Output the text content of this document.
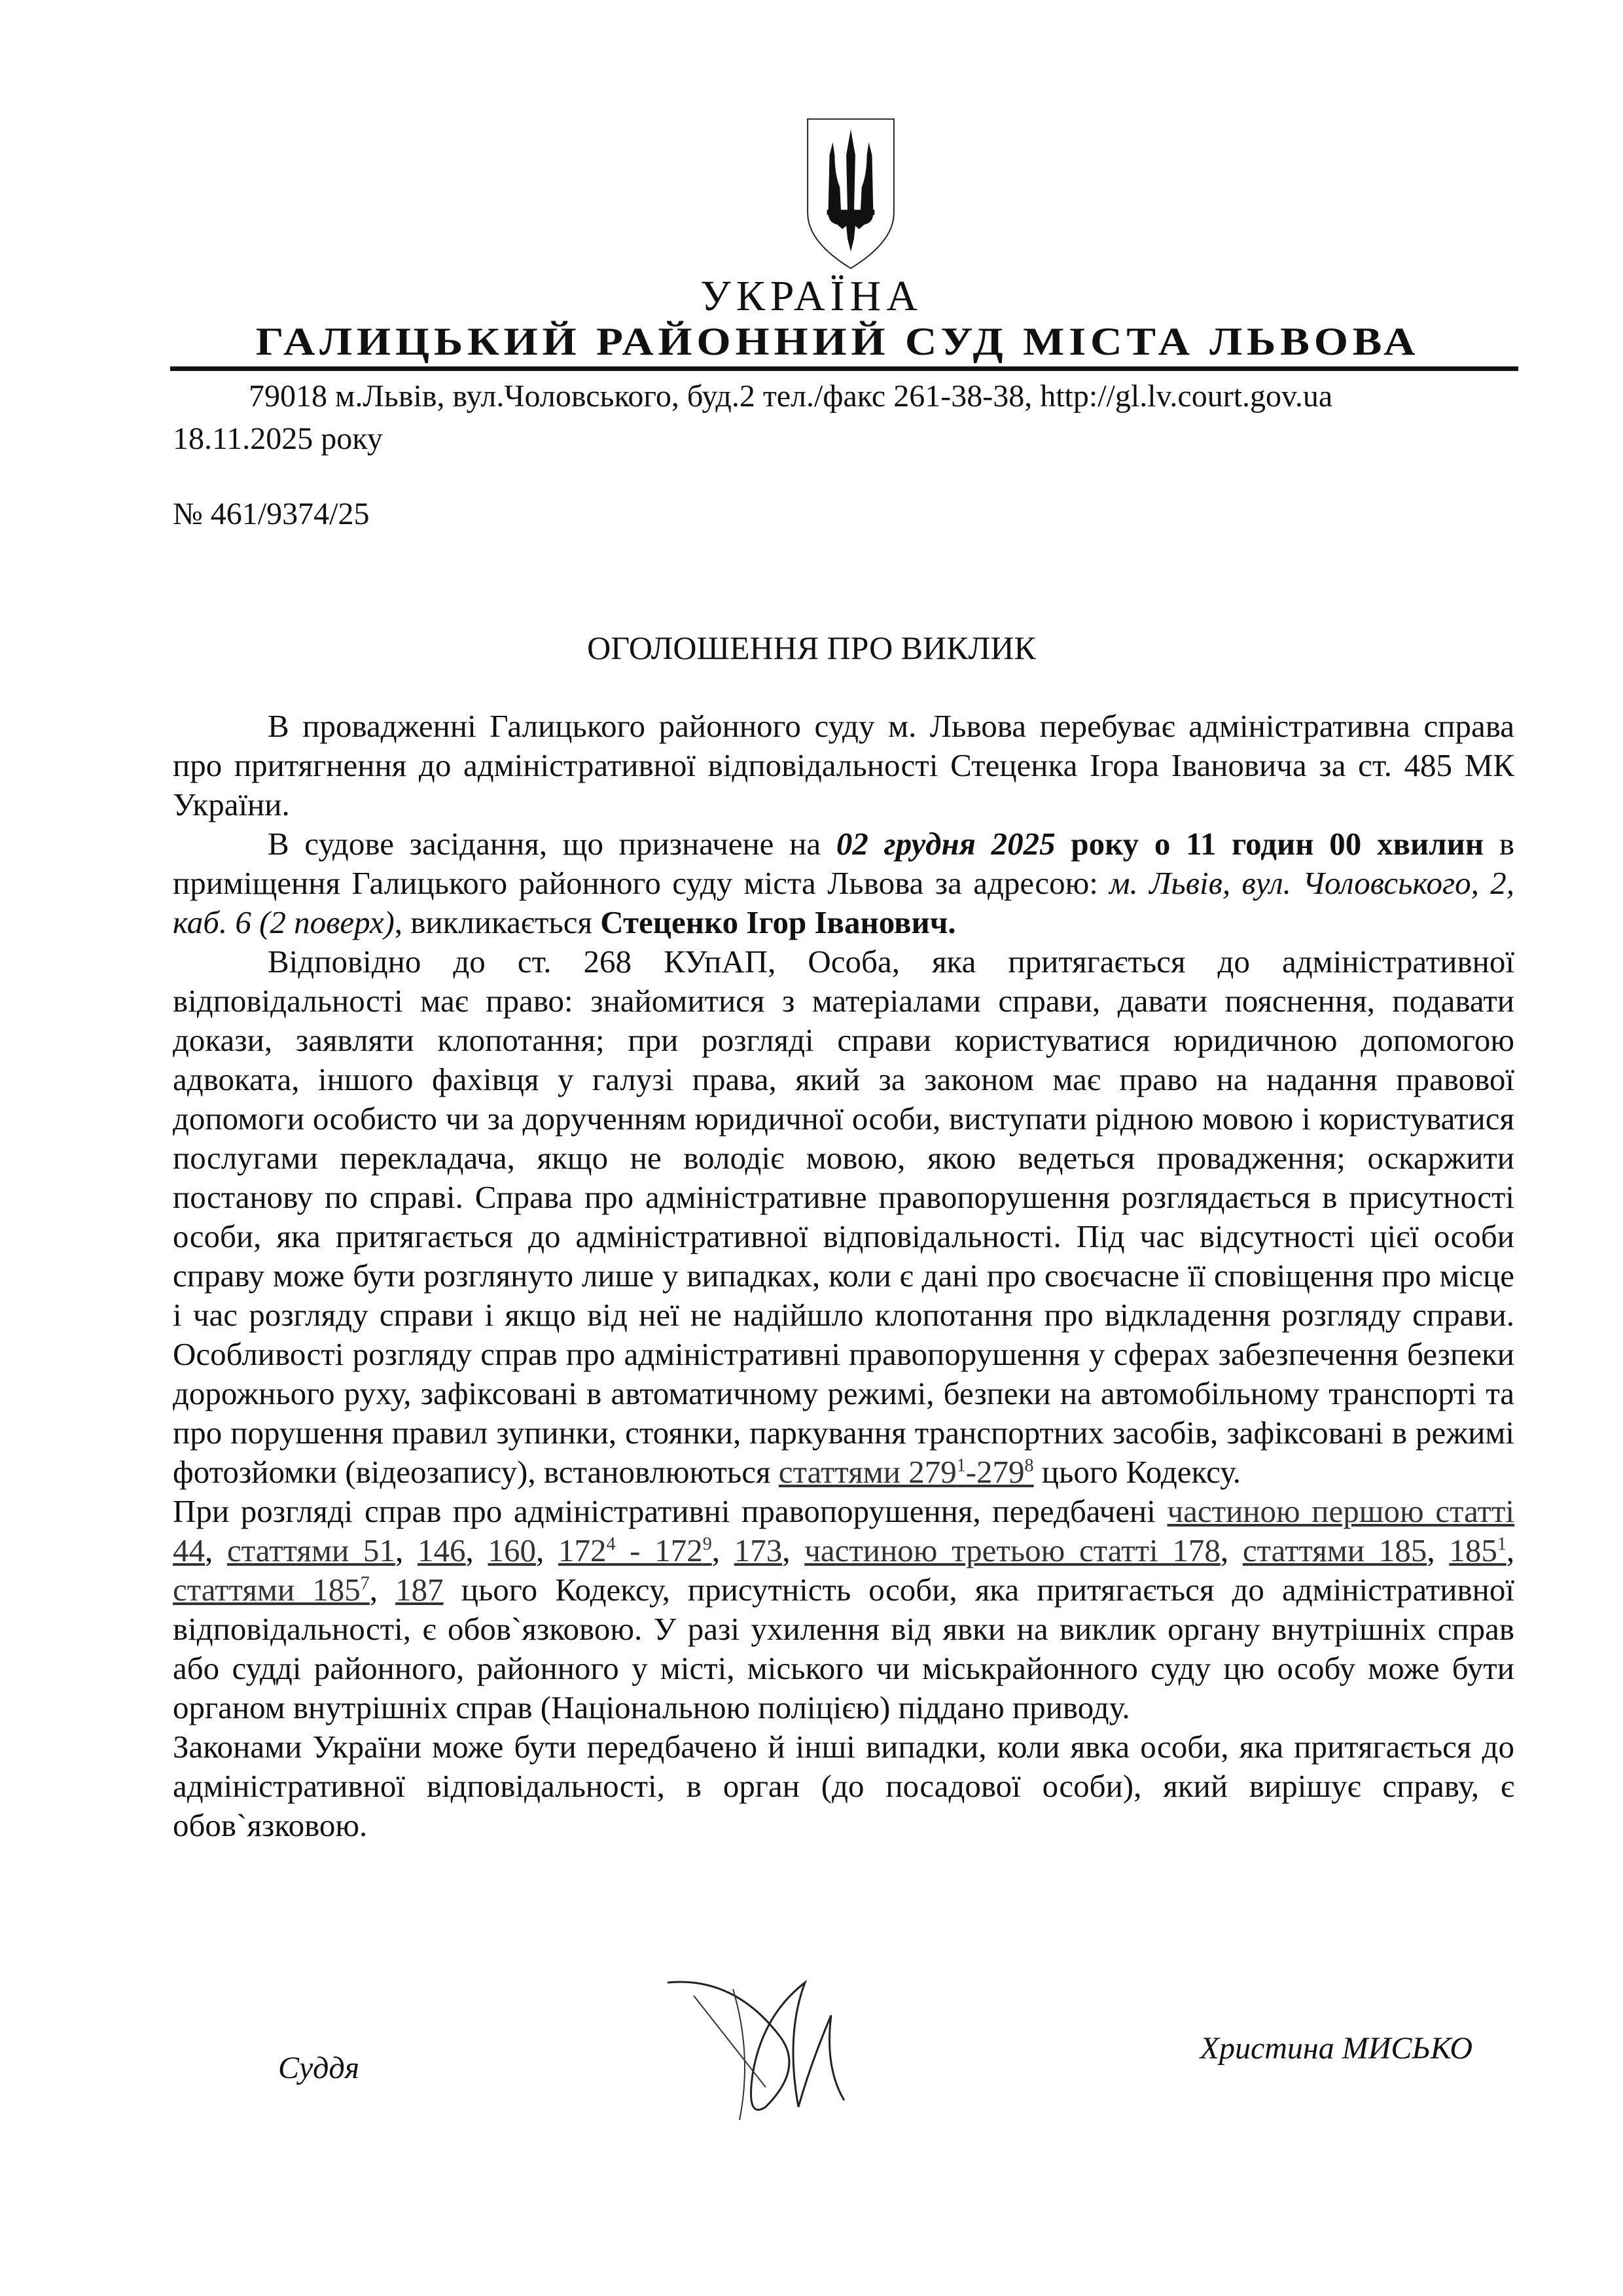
УКРАЇНА
ГАЛИЦЬКИЙ РАЙОННИЙ СУД МІСТА ЛЬВОВА
79018 м.Львів, вул.Чоловського, буд.2 тел./факс 261-38-38, http://gl.lv.court.gov.ua
18.11.2025 року
№ 461/9374/25
ОГОЛОШЕННЯ ПРО ВИКЛИК

В провадженні Галицького районного суду м. Львова перебуває адміністративна справа про притягнення до адміністративної відповідальності Стеценка Ігора Івановича за ст. 485 МК України.

В судове засідання, що призначене на 02 грудня 2025 року о 11 годин 00 хвилин в приміщення Галицького районного суду міста Львова за адресою: м. Львів, вул. Чоловського, 2, каб. 6 (2 поверх), викликається Стеценко Ігор Іванович.

Відповідно до ст. 268 КУпАП, Особа, яка притягається до адміністративної відповідальності має право: знайомитися з матеріалами справи, давати пояснення, подавати докази, заявляти клопотання; при розгляді справи користуватися юридичною допомогою адвоката, іншого фахівця у галузі права, який за законом має право на надання правової допомоги особисто чи за дорученням юридичної особи, виступати рідною мовою і користуватися послугами перекладача, якщо не володіє мовою, якою ведеться провадження; оскаржити постанову по справі. Справа про адміністративне правопорушення розглядається в присутності особи, яка притягається до адміністративної відповідальності. Під час відсутності цієї особи справу може бути розглянуто лише у випадках, коли є дані про своєчасне її сповіщення про місце і час розгляду справи і якщо від неї не надійшло клопотання про відкладення розгляду справи. Особливості розгляду справ про адміністративні правопорушення у сферах забезпечення безпеки дорожнього руху, зафіксовані в автоматичному режимі, безпеки на автомобільному транспорті та про порушення правил зупинки, стоянки, паркування транспортних засобів, зафіксовані в режимі фотозйомки (відеозапису), встановлюються статтями $279^1-279^8$ цього Кодексу.

При розгляді справ про адміністративні правопорушення, передбачені частиною першою статті 44, статтями 51, 146, 160, $172^4 - 172^9$, 173, частиною третьою статті 178, статтями 185, $185^1$, статтями $185^7$, 187 цього Кодексу, присутність особи, яка притягається до адміністративної відповідальності, є обов`язковою. У разі ухилення від явки на виклик органу внутрішніх справ або судді районного, районного у місті, міського чи міськрайонного суду цю особу може бути органом внутрішніх справ (Національною поліцією) піддано приводу.

Законами України може бути передбачено й інші випадки, коли явка особи, яка притягається до адміністративної відповідальності, в орган (до посадової особи), який вирішує справу, є обов`язковою.

Суддя
Христина МИСЬКО
